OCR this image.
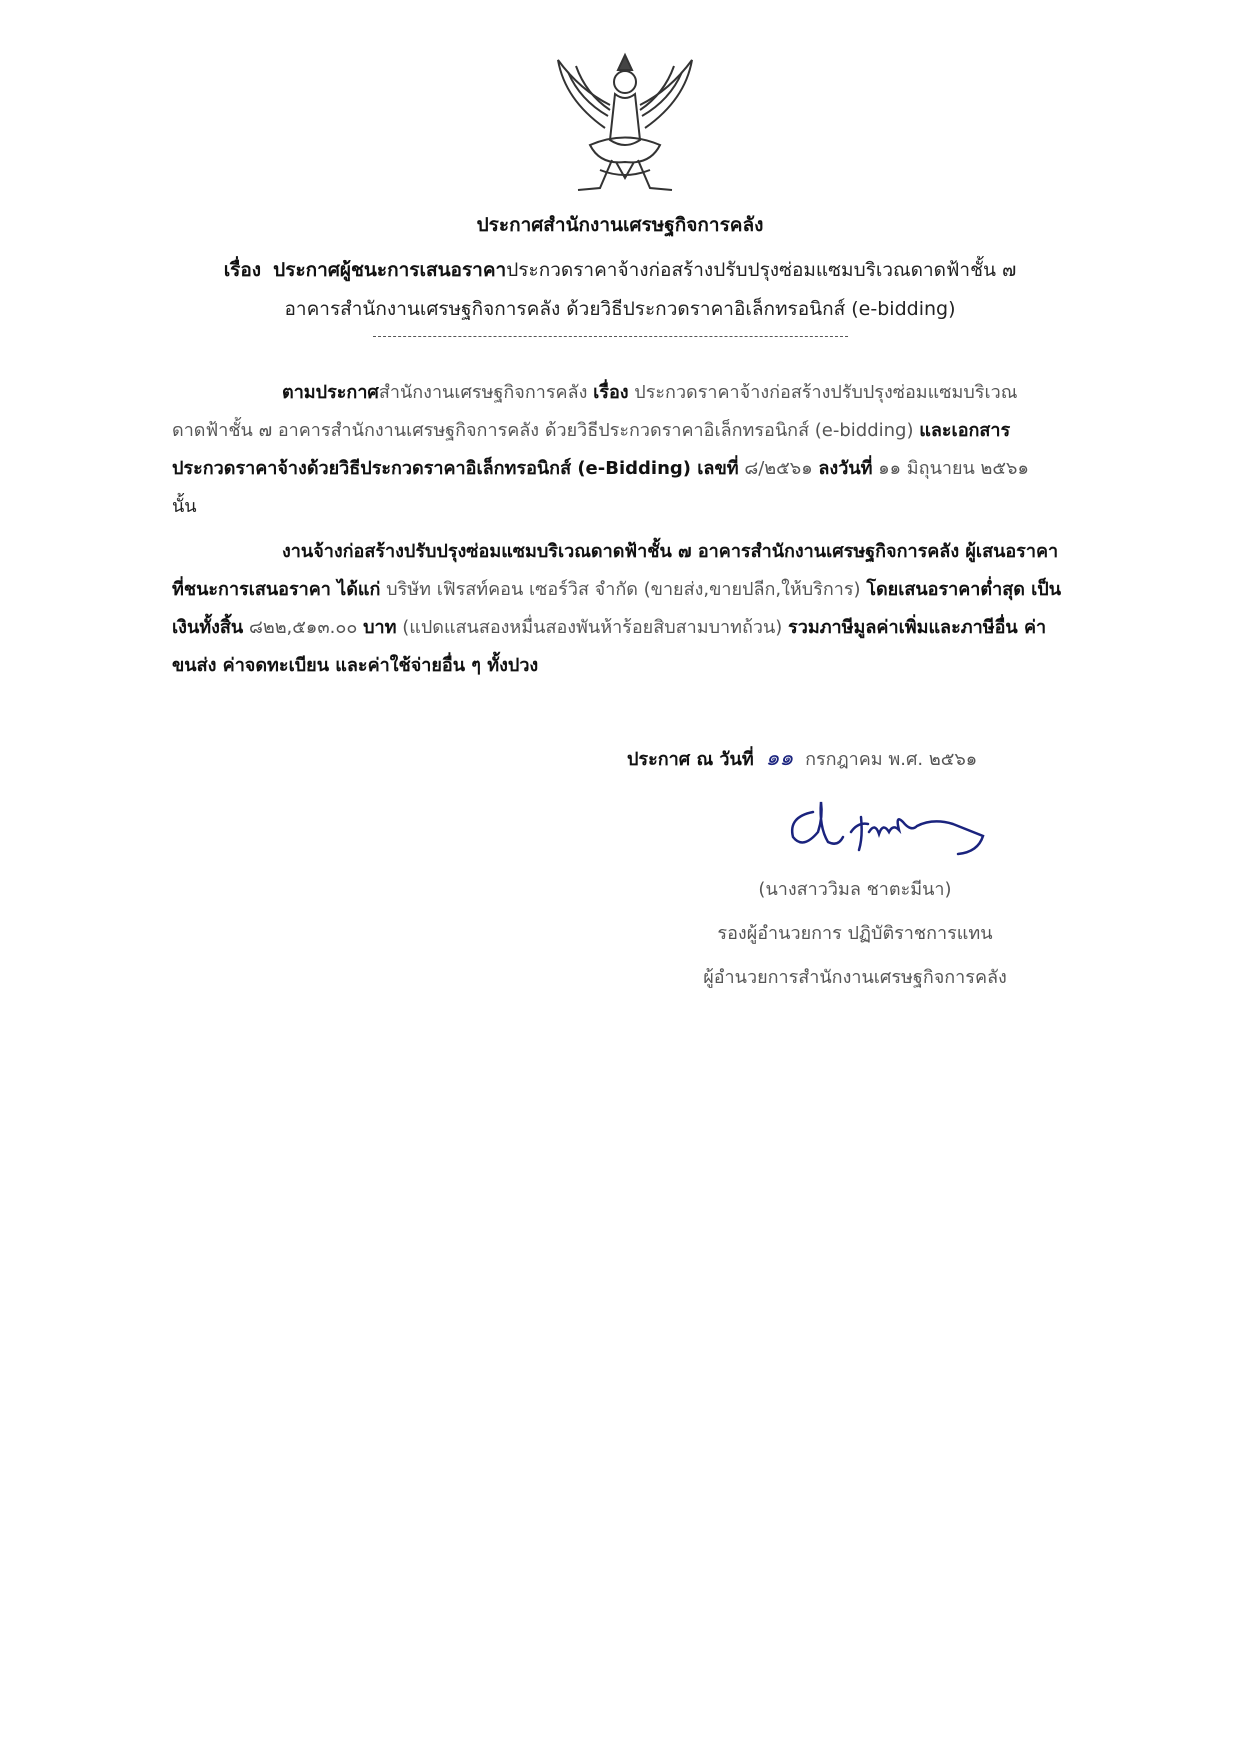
ประกาศสำนักงานเศรษฐกิจการคลัง
เรื่อง ประกาศผู้ชนะการเสนอราคาประกวดราคาจ้างก่อสร้างปรับปรุงซ่อมแซมบริเวณดาดฟ้าชั้น ๗
อาคารสำนักงานเศรษฐกิจการคลัง ด้วยวิธีประกวดราคาอิเล็กทรอนิกส์ (e-bidding)
ตามประกาศสำนักงานเศรษฐกิจการคลัง เรื่อง ประกวดราคาจ้างก่อสร้างปรับปรุงซ่อมแซมบริเวณดาดฟ้าชั้น ๗ อาคารสำนักงานเศรษฐกิจการคลัง ด้วยวิธีประกวดราคาอิเล็กทรอนิกส์ (e-bidding) และเอกสาร ประกวดราคาจ้างด้วยวิธีประกวดราคาอิเล็กทรอนิกส์ (e-Bidding) เลขที่ ๘/๒๕๖๑ ลงวันที่ ๑๑ มิถุนายน ๒๕๖๑
นั้น
งานจ้างก่อสร้างปรับปรุงซ่อมแซมบริเวณดาดฟ้าชั้น ๗ อาคารสำนักงานเศรษฐกิจการคลัง ผู้เสนอราคา ที่ชนะการเสนอราคา ได้แก่ บริษัท เฟิรสท์คอน เซอร์วิส จำกัด (ขายส่ง,ขายปลีก,ให้บริการ) โดยเสนอราคาต่ำสุด เป็นเงินทั้งสิ้น ๘๒๒,๕๑๓.๐๐ บาท (แปดแสนสองหมื่นสองพันห้าร้อยสิบสามบาทถ้วน) รวมภาษีมูลค่าเพิ่มและภาษีอื่น ค่าขนส่ง ค่าจดทะเบียน และค่าใช้จ่ายอื่น ๆ ทั้งปวง
ประกาศ ณ วันที่ ๑๑ กรกฎาคม พ.ศ. ๒๕๖๑
(นางสาววิมล ชาตะมีนา)
รองผู้อำนวยการ ปฏิบัติราชการแทน
ผู้อำนวยการสำนักงานเศรษฐกิจการคลัง
